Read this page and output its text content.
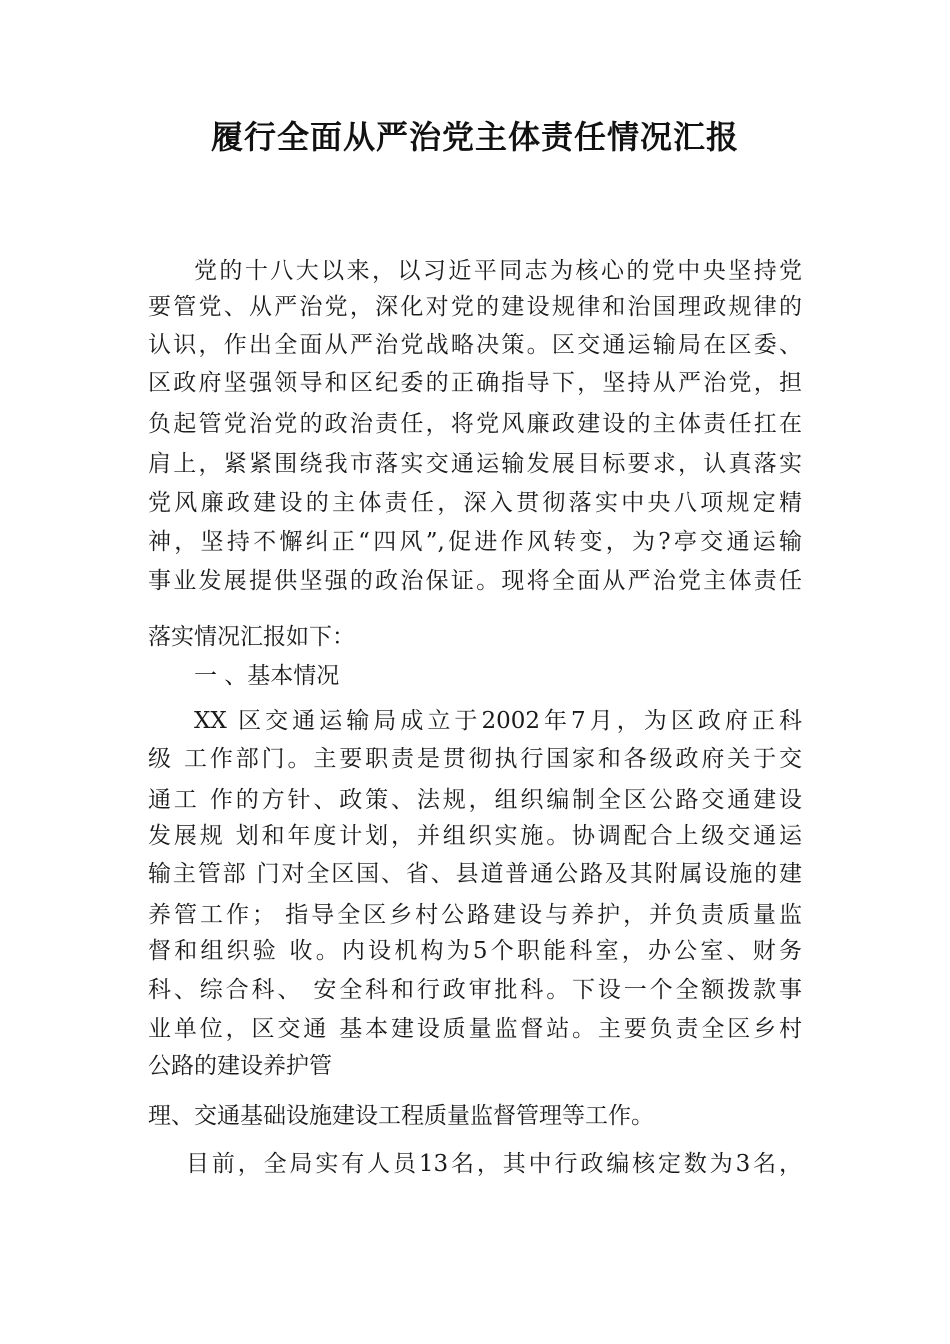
履行全面从严治党主体责任情况汇报

党的十八大以来，以习近平同志为核心的党中央坚持党

要管党、从严治党，深化对党的建设规律和治国理政规律的

认识，作出全面从严治党战略决策。区交通运输局在区委、

区政府坚强领导和区纪委的正确指导下，坚持从严治党，担

负起管党治党的政治责任，将党风廉政建设的主体责任扛在

肩上，紧紧围绕我市落实交通运输发展目标要求，认真落实

党风廉政建设的主体责任，深入贯彻落实中央八项规定精

神，坚持不懈纠正“四风”,促进作风转变，为?亭交通运输

事业发展提供坚强的政治保证。现将全面从严治党主体责任

落实情况汇报如下：

一 、基本情况

XX 区交通运输局成立于2002年7月，为区政府正科

级 工作部门。主要职责是贯彻执行国家和各级政府关于交

通工 作的方针、政策、法规，组织编制全区公路交通建设

发展规 划和年度计划，并组织实施。协调配合上级交通运

输主管部 门对全区国、省、县道普通公路及其附属设施的建

养管工作； 指导全区乡村公路建设与养护，并负责质量监

督和组织验 收。内设机构为5个职能科室，办公室、财务

科、综合科、 安全科和行政审批科。下设一个全额拨款事

业单位，区交通 基本建设质量监督站。主要负责全区乡村

公路的建设养护管

理、交通基础设施建设工程质量监督管理等工作。

目前，全局实有人员13名，其中行政编核定数为3名，
